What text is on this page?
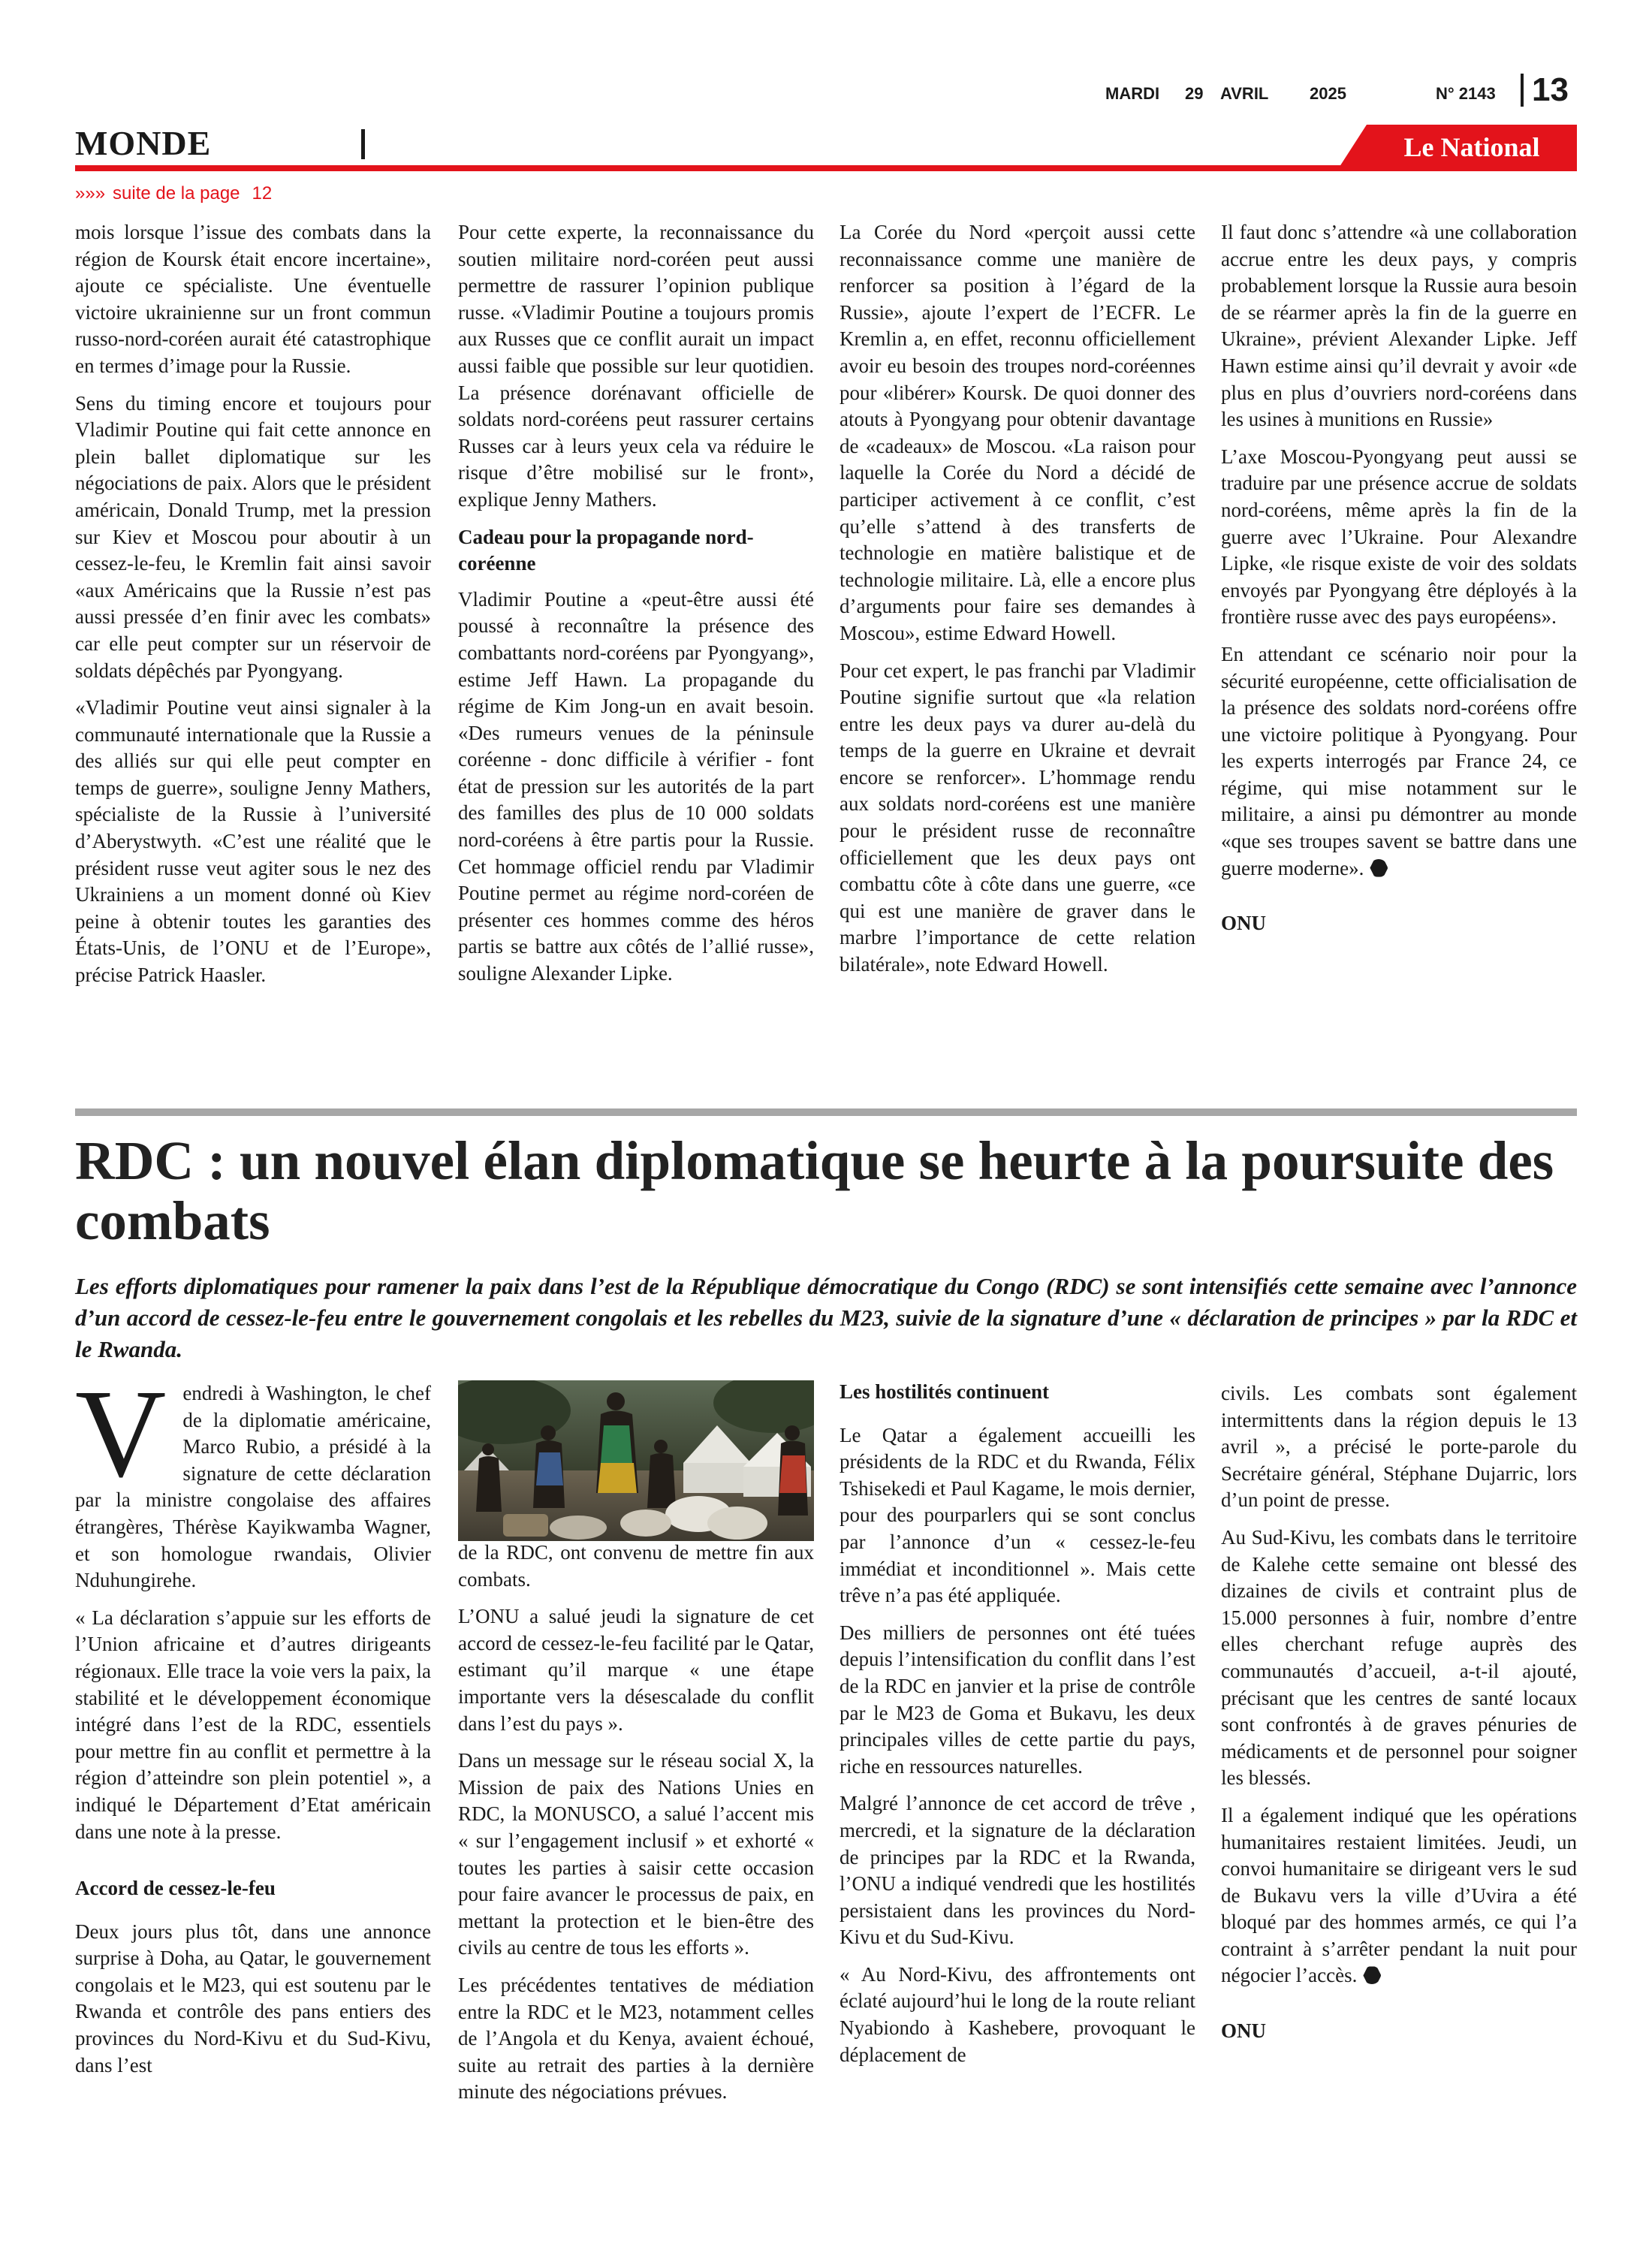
MARDI 29 AVRIL 2025	N° 2143 13
MONDE	Le National
»»» suite de la page 12

mois lorsque l’issue des combats dans la région de Koursk était encore incertaine», ajoute ce spécialiste. Une éventuelle victoire ukrainienne sur un front commun russo-nord-coréen aurait été catastrophique en termes d’image pour la Russie.

Sens du timing encore et toujours pour Vladimir Poutine qui fait cette annonce en plein ballet diplomatique sur les négociations de paix. Alors que le président américain, Donald Trump, met la pression sur Kiev et Moscou pour aboutir à un cessez-le-feu, le Kremlin fait ainsi savoir «aux Américains que la Russie n’est pas aussi pressée d’en finir avec les combats» car elle peut compter sur un réservoir de soldats dépêchés par Pyongyang.

«Vladimir Poutine veut ainsi signaler à la communauté internationale que la Russie a des alliés sur qui elle peut compter en temps de guerre», souligne Jenny Mathers, spécialiste de la Russie à l’université d’Aberystwyth. «C’est une réalité que le président russe veut agiter sous le nez des Ukrainiens a un moment donné où Kiev peine à obtenir toutes les garanties des États-Unis, de l’ONU et de l’Europe», précise Patrick Haasler.

Pour cette experte, la reconnaissance du soutien militaire nord-coréen peut aussi permettre de rassurer l’opinion publique russe. «Vladimir Poutine a toujours promis aux Russes que ce conflit aurait un impact aussi faible que possible sur leur quotidien. La présence dorénavant officielle de soldats nord-coréens peut rassurer certains Russes car à leurs yeux cela va réduire le risque d’être mobilisé sur le front», explique Jenny Mathers.

Cadeau pour la propagande nord-coréenne

Vladimir Poutine a «peut-être aussi été poussé à reconnaître la présence des combattants nord-coréens par Pyongyang», estime Jeff Hawn. La propagande du régime de Kim Jong-un en avait besoin. «Des rumeurs venues de la péninsule coréenne - donc difficile à vérifier - font état de pression sur les autorités de la part des familles des plus de 10 000 soldats nord-coréens à être partis pour la Russie. Cet hommage officiel rendu par Vladimir Poutine permet au régime nord-coréen de présenter ces hommes comme des héros partis se battre aux côtés de l’allié russe», souligne Alexander Lipke.

La Corée du Nord «perçoit aussi cette reconnaissance comme une manière de renforcer sa position à l’égard de la Russie», ajoute l’expert de l’ECFR. Le Kremlin a, en effet, reconnu officiellement avoir eu besoin des troupes nord-coréennes pour «libérer» Koursk. De quoi donner des atouts à Pyongyang pour obtenir davantage de «cadeaux» de Moscou. «La raison pour laquelle la Corée du Nord a décidé de participer activement à ce conflit, c’est qu’elle s’attend à des transferts de technologie en matière balistique et de technologie militaire. Là, elle a encore plus d’arguments pour faire ses demandes à Moscou», estime Edward Howell.

Pour cet expert, le pas franchi par Vladimir Poutine signifie surtout que «la relation entre les deux pays va durer au-delà du temps de la guerre en Ukraine et devrait encore se renforcer». L’hommage rendu aux soldats nord-coréens est une manière pour le président russe de reconnaître officiellement que les deux pays ont combattu côte à côte dans une guerre, «ce qui est une manière de graver dans le marbre l’importance de cette relation bilatérale», note Edward Howell.

Il faut donc s’attendre «à une collaboration accrue entre les deux pays, y compris probablement lorsque la Russie aura besoin de se réarmer après la fin de la guerre en Ukraine», prévient Alexander Lipke. Jeff Hawn estime ainsi qu’il devrait y avoir «de plus en plus d’ouvriers nord-coréens dans les usines à munitions en Russie»

L’axe Moscou-Pyongyang peut aussi se traduire par une présence accrue de soldats nord-coréens, même après la fin de la guerre avec l’Ukraine. Pour Alexandre Lipke, «le risque existe de voir des soldats envoyés par Pyongyang être déployés à la frontière russe avec des pays européens».

En attendant ce scénario noir pour la sécurité européenne, cette officialisation de la présence des soldats nord-coréens offre une victoire politique à Pyongyang. Pour les experts interrogés par France 24, ce régime, qui mise notamment sur le militaire, a ainsi pu démontrer au monde «que ses troupes savent se battre dans une guerre moderne».

ONU

RDC : un nouvel élan diplomatique se heurte à la poursuite des combats

Les efforts diplomatiques pour ramener la paix dans l’est de la République démocratique du Congo (RDC) se sont intensifiés cette semaine avec l’annonce d’un accord de cessez-le-feu entre le gouvernement congolais et les rebelles du M23, suivie de la signature d’une « déclaration de principes » par la RDC et le Rwanda.

Vendredi à Washington, le chef de la diplomatie américaine, Marco Rubio, a présidé à la signature de cette déclaration par la ministre congolaise des affaires étrangères, Thérèse Kayikwamba Wagner, et son homologue rwandais, Olivier Nduhungirehe.

« La déclaration s’appuie sur les efforts de l’Union africaine et d’autres dirigeants régionaux. Elle trace la voie vers la paix, la stabilité et le développement économique intégré dans l’est de la RDC, essentiels pour mettre fin au conflit et permettre à la région d’atteindre son plein potentiel », a indiqué le Département d’Etat américain dans une note à la presse.

Accord de cessez-le-feu

Deux jours plus tôt, dans une annonce surprise à Doha, au Qatar, le gouvernement congolais et le M23, qui est soutenu par le Rwanda et contrôle des pans entiers des provinces du Nord-Kivu et du Sud-Kivu, dans l’est

de la RDC, ont convenu de mettre fin aux combats.

L’ONU a salué jeudi la signature de cet accord de cessez-le-feu facilité par le Qatar, estimant qu’il marque « une étape importante vers la désescalade du conflit dans l’est du pays ».

Dans un message sur le réseau social X, la Mission de paix des Nations Unies en RDC, la MONUSCO, a salué l’accent mis « sur l’engagement inclusif » et exhorté « toutes les parties à saisir cette occasion pour faire avancer le processus de paix, en mettant la protection et le bien-être des civils au centre de tous les efforts ».

Les précédentes tentatives de médiation entre la RDC et le M23, notamment celles de l’Angola et du Kenya, avaient échoué, suite au retrait des parties à la dernière minute des négociations prévues.

Les hostilités continuent

Le Qatar a également accueilli les présidents de la RDC et du Rwanda, Félix Tshisekedi et Paul Kagame, le mois dernier, pour des pourparlers qui se sont conclus par l’annonce d’un « cessez-le-feu immédiat et inconditionnel ». Mais cette trêve n’a pas été appliquée.

Des milliers de personnes ont été tuées depuis l’intensification du conflit dans l’est de la RDC en janvier et la prise de contrôle par le M23 de Goma et Bukavu, les deux principales villes de cette partie du pays, riche en ressources naturelles.

Malgré l’annonce de cet accord de trêve , mercredi, et la signature de la déclaration de principes par la RDC et la Rwanda, l’ONU a indiqué vendredi que les hostilités persistaient dans les provinces du Nord-Kivu et du Sud-Kivu.

« Au Nord-Kivu, des affrontements ont éclaté aujourd’hui le long de la route reliant Nyabiondo à Kashebere, provoquant le déplacement de

civils. Les combats sont également intermittents dans la région depuis le 13 avril », a précisé le porte-parole du Secrétaire général, Stéphane Dujarric, lors d’un point de presse.

Au Sud-Kivu, les combats dans le territoire de Kalehe cette semaine ont blessé des dizaines de civils et contraint plus de 15.000 personnes à fuir, nombre d’entre elles cherchant refuge auprès des communautés d’accueil, a-t-il ajouté, précisant que les centres de santé locaux sont confrontés à de graves pénuries de médicaments et de personnel pour soigner les blessés.

Il a également indiqué que les opérations humanitaires restaient limitées. Jeudi, un convoi humanitaire se dirigeant vers le sud de Bukavu vers la ville d’Uvira a été bloqué par des hommes armés, ce qui l’a contraint à s’arrêter pendant la nuit pour négocier l’accès.

ONU
